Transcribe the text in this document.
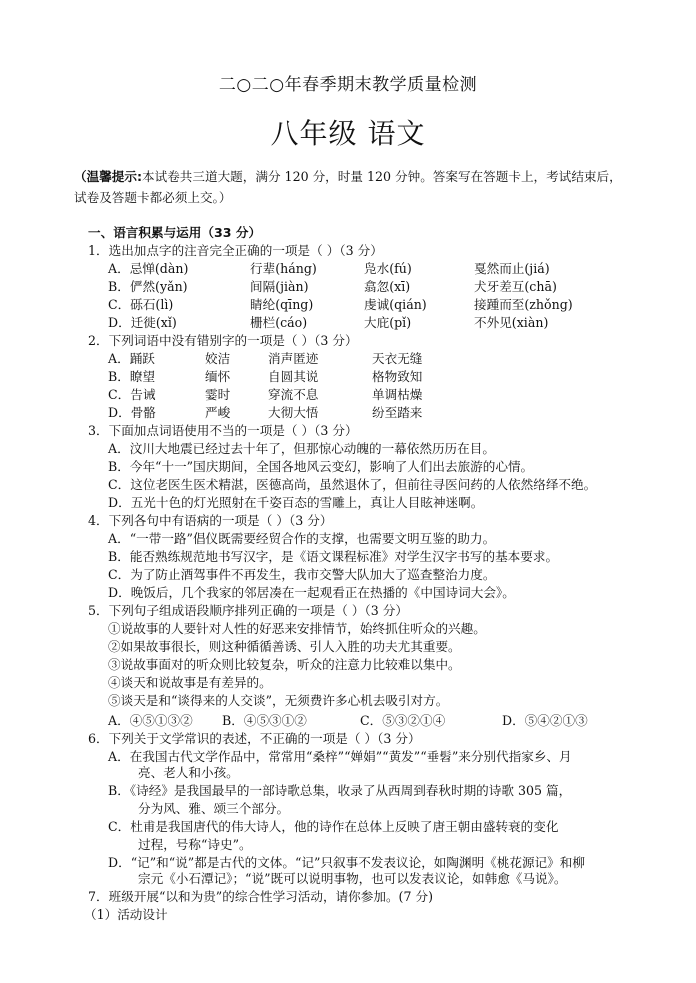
二○二○年春季期末教学质量检测
八年级 语文
（温馨提示:本试卷共三道大题，满分 120 分，时量 120 分钟。答案写在答题卡上，考试结束后，试卷及答题卡都必须上交。）
一、语言积累与运用（33 分）
1．选出加点字的注音完全正确的一项是（ ）（3 分）
A．忌惮(dàn)	行辈(háng)	凫水(fú)	戛然而止(jiá)
B．俨然(yǎn)	间隔(jiàn)	翕忽(xī)	犬牙差互(chā)
C．砾石(lì)	睛纶(qīng)	虔诚(qián)	接踵而至(zhǒng)
D．迁徙(xǐ)	栅栏(cáo)	大庇(pǐ)	不外见(xiàn)
2．下列词语中没有错别字的一项是（ ）（3 分）
A．踊跃	姣洁	消声匿迹	天衣无缝
B．瞭望	缅怀	自圆其说	格物致知
C．告诫	霎时	穿流不息	单调枯燥
D．骨骼	严峻	大彻大悟	纷至踏来
3．下面加点词语使用不当的一项是（ ）（3 分）
A．汶川大地震已经过去十年了，但那惊心动魄的一幕依然历历在目。
B．今年“十一”国庆期间，全国各地风云变幻，影响了人们出去旅游的心情。
C．这位老医生医术精湛，医德高尚，虽然退休了，但前往寻医问药的人依然络绎不绝。
D．五光十色的灯光照射在千姿百态的雪雕上，真让人目眩神迷啊。
4．下列各句中有语病的一项是（ ）（3 分）
A．“一带一路”倡仪既需要经贸合作的支撑，也需要文明互鉴的助力。
B．能否熟练规范地书写汉字，是《语文课程标准》对学生汉字书写的基本要求。
C．为了防止酒驾事件不再发生，我市交警大队加大了巡查整治力度。
D．晚饭后，几个我家的邻居凑在一起观看正在热播的《中国诗词大会》。
5．下列句子组成语段顺序排列正确的一项是（ ）（3 分）
①说故事的人要针对人性的好恶来安排情节，始终抓住听众的兴趣。
②如果故事很长，则这种循循善诱、引人入胜的功夫尤其重要。
③说故事面对的听众则比较复杂，听众的注意力比较难以集中。
④谈天和说故事是有差异的。
⑤谈天是和“谈得来的人交谈”，无须费许多心机去吸引对方。
A．④⑤①③② B．④⑤③①②	C．⑤③②①④	D．⑤④②①③
6．下列关于文学常识的表述，不正确的一项是（ ）（3 分）
A．在我国古代文学作品中，常常用“桑梓”“婵娟”“黄发”“垂髫”来分别代指家乡、月
亮、老人和小孩。
B．《诗经》是我国最早的一部诗歌总集，收录了从西周到春秋时期的诗歌 305 篇，
分为风、雅、颂三个部分。
C．杜甫是我国唐代的伟大诗人，他的诗作在总体上反映了唐王朝由盛转衰的变化
过程，号称“诗史”。
D．“记”和“说”都是古代的文体。“记”只叙事不发表议论，如陶渊明《桃花源记》和柳
宗元《小石潭记》；“说”既可以说明事物，也可以发表议论，如韩愈《马说》。
7．班级开展“以和为贵”的综合性学习活动，请你参加。(7 分)
（1）活动设计
